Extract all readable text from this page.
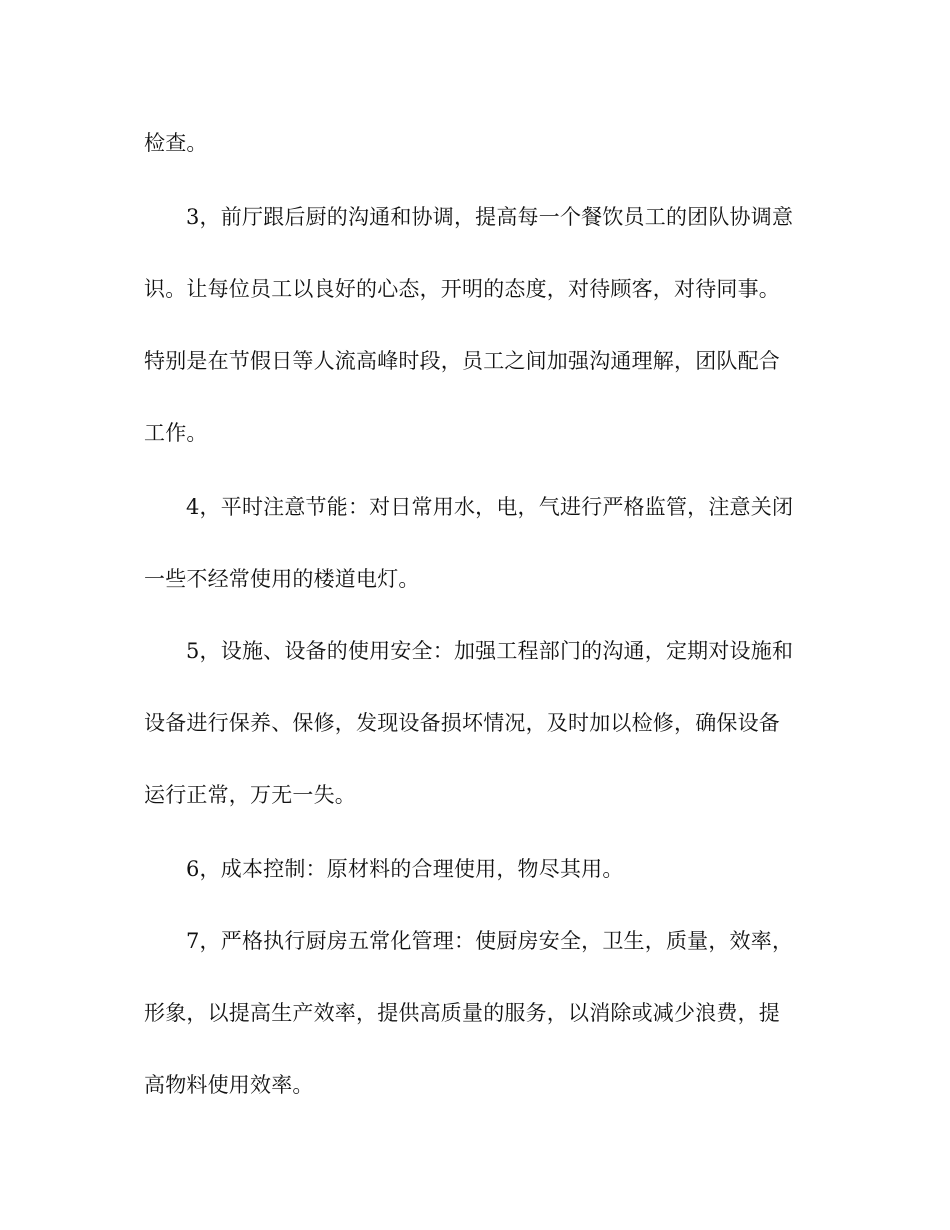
检查。
3，前厅跟后厨的沟通和协调，提高每一个餐饮员工的团队协调意
识。让每位员工以良好的心态，开明的态度，对待顾客，对待同事。
特别是在节假日等人流高峰时段，员工之间加强沟通理解，团队配合
工作。
4，平时注意节能：对日常用水，电，气进行严格监管，注意关闭
一些不经常使用的楼道电灯。
5，设施、设备的使用安全：加强工程部门的沟通，定期对设施和
设备进行保养、保修，发现设备损坏情况，及时加以检修，确保设备
运行正常，万无一失。
6，成本控制：原材料的合理使用，物尽其用。
7，严格执行厨房五常化管理：使厨房安全，卫生，质量，效率，
形象，以提高生产效率，提供高质量的服务，以消除或减少浪费，提
高物料使用效率。
